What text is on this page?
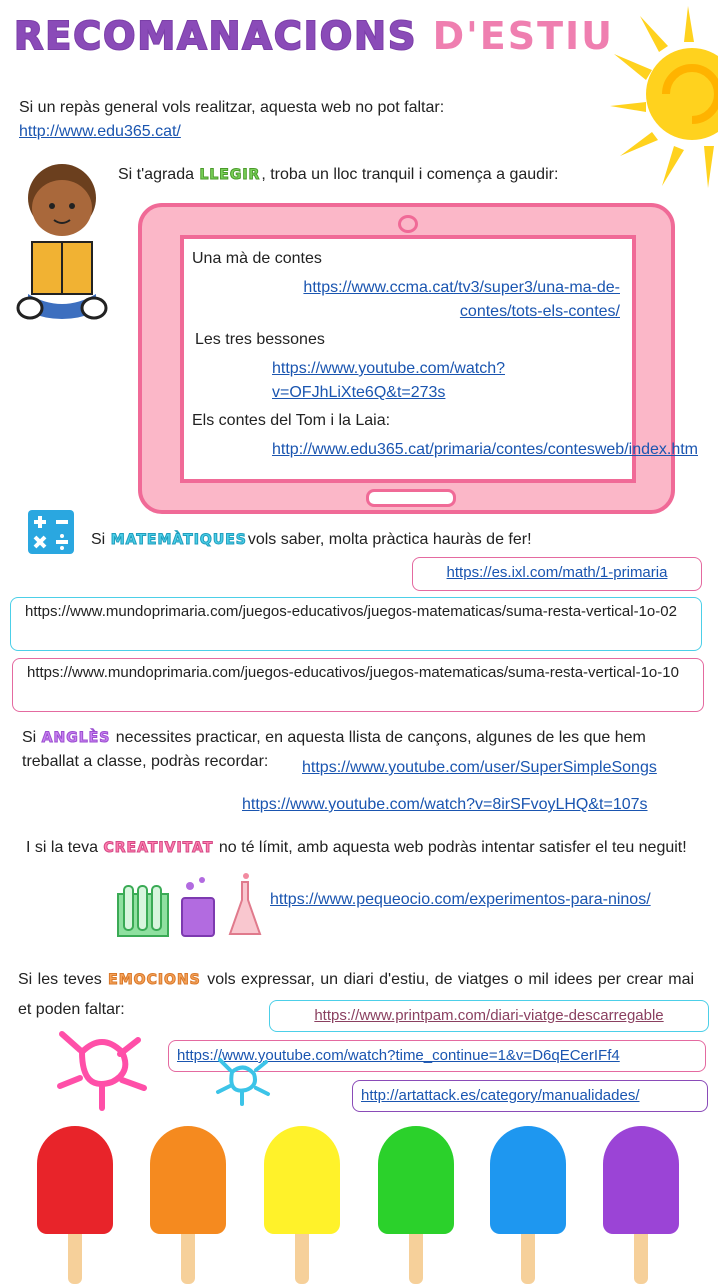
RECOMANACIONS D'ESTIU
Si un repàs general vols realitzar, aquesta web no pot faltar:
http://www.edu365.cat/
Si t'agrada LLEGIR, troba un lloc tranquil i comença a gaudir:
Una mà de contes
https://www.ccma.cat/tv3/super3/una-ma-de-contes/tots-els-contes/
Les tres bessones
https://www.youtube.com/watch?v=OFJhLiXte6Q&t=273s
Els contes del Tom i la Laia:
http://www.edu365.cat/primaria/contes/contesweb/index.htm
Si MATEMÀTIQUESvols saber, molta pràctica hauràs de fer!
https://es.ixl.com/math/1-primaria
https://www.mundoprimaria.com/juegos-educativos/juegos-matematicas/suma-resta-vertical-1o-02
https://www.mundoprimaria.com/juegos-educativos/juegos-matematicas/suma-resta-vertical-1o-10
Si ANGLÈS necessites practicar, en aquesta llista de cançons, algunes de les que hem treballat a classe, podràs recordar:	https://www.youtube.com/user/SuperSimpleSongs
https://www.youtube.com/watch?v=8irSFvoyLHQ&t=107s
I si la teva CREATIVITAT no té límit, amb aquesta web podràs intentar satisfer el teu neguit!
https://www.pequeocio.com/experimentos-para-ninos/
Si les teves EMOCIONS vols expressar, un diari d'estiu, de viatges o mil idees per crear mai et poden faltar:	https://www.printpam.com/diari-viatge-descarregable
https://www.youtube.com/watch?time_continue=1&v=D6qECerIFf4
http://artattack.es/category/manualidades/
